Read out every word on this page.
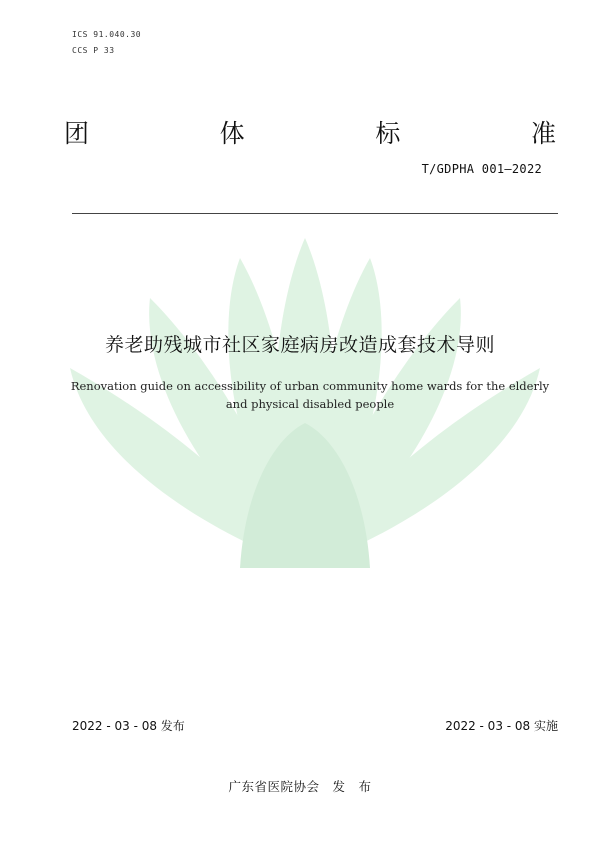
ICS 91.040.30
CCS P 33
团	体	标	准
T/GDPHA 001—2022
养老助残城市社区家庭病房改造成套技术导则
Renovation guide on accessibility of urban community home wards for the elderly
and physical disabled people
2022 - 03 - 08 发布	2022 - 03 - 08 实施
广东省医院协会　发　布
